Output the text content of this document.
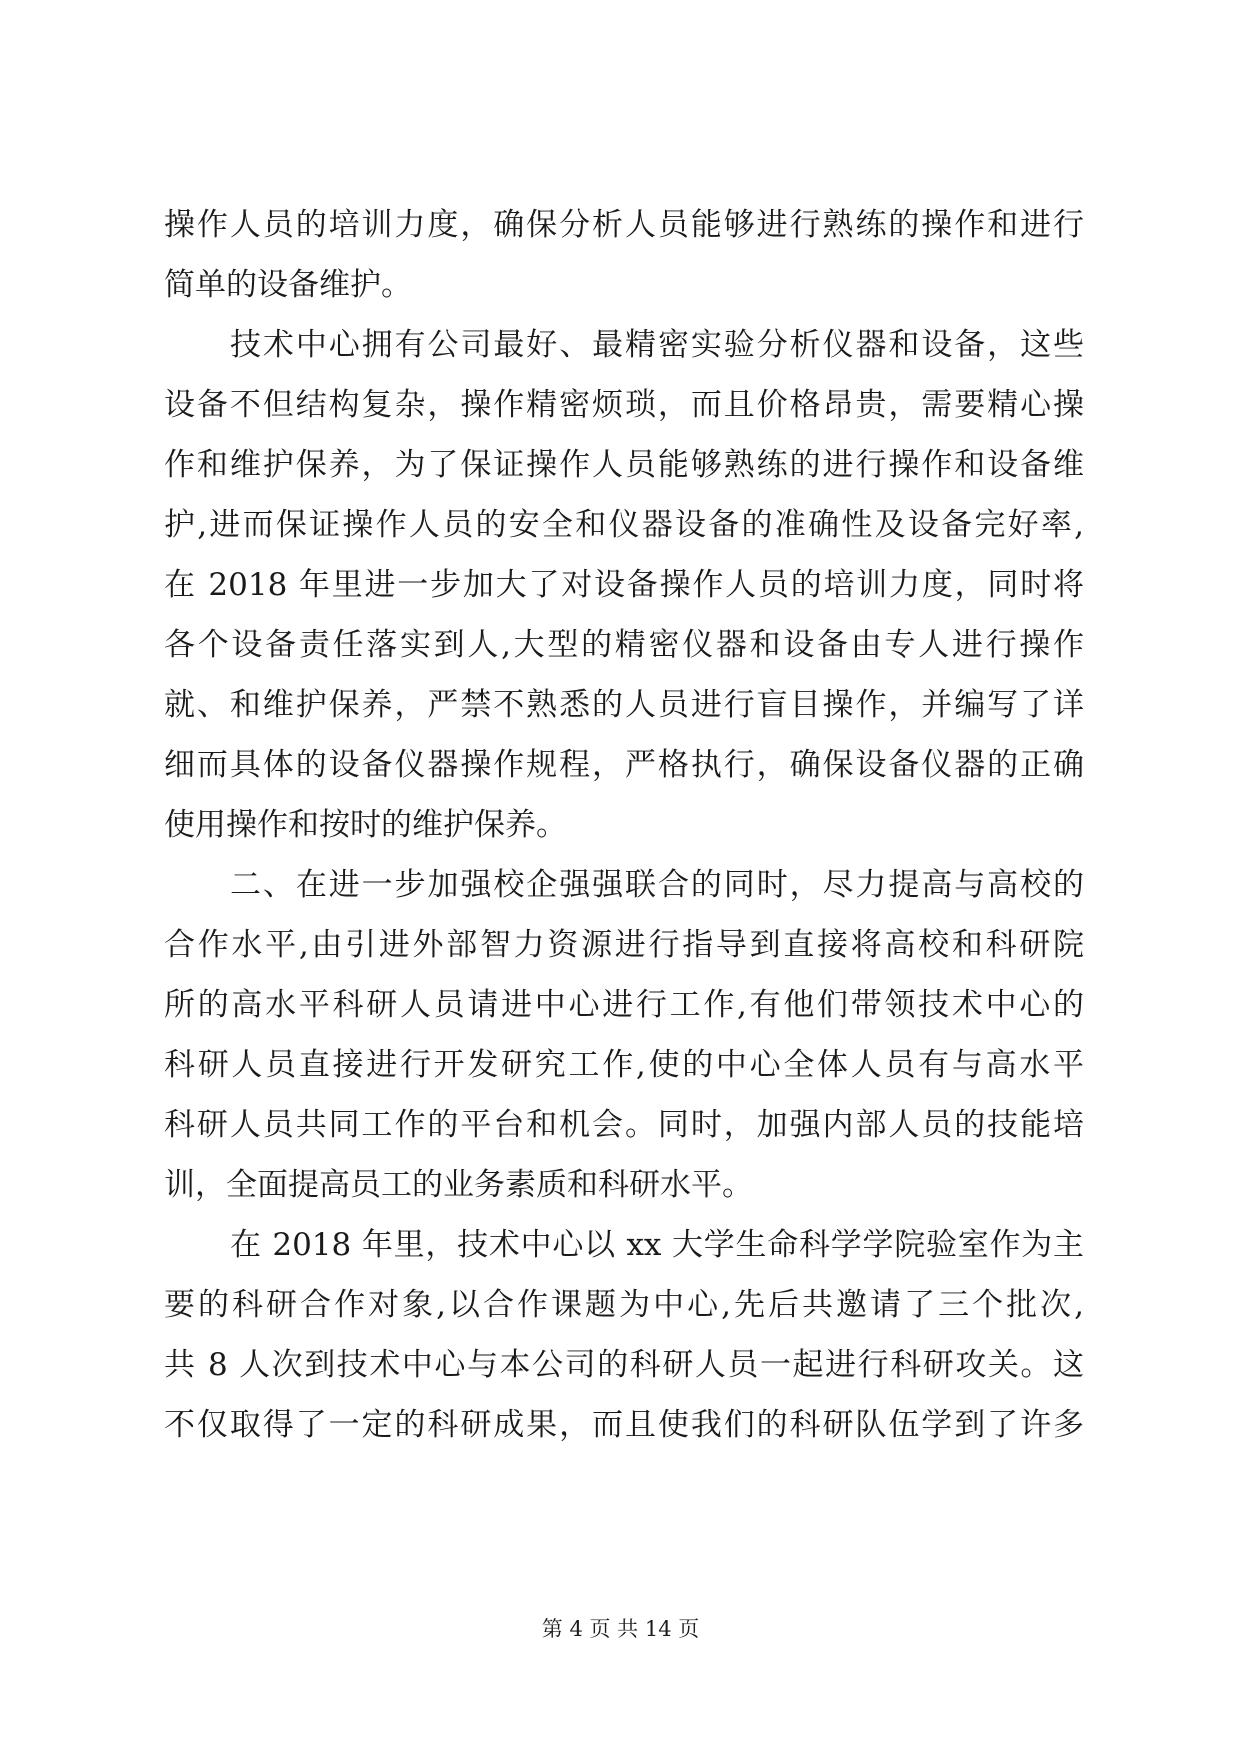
操作人员的培训力度，确保分析人员能够进行熟练的操作和进行
简单的设备维护。
技术中心拥有公司最好、最精密实验分析仪器和设备，这些
设备不但结构复杂，操作精密烦琐，而且价格昂贵，需要精心操
作和维护保养，为了保证操作人员能够熟练的进行操作和设备维
护,进而保证操作人员的安全和仪器设备的准确性及设备完好率,
在 2018 年里进一步加大了对设备操作人员的培训力度，同时将
各个设备责任落实到人,大型的精密仪器和设备由专人进行操作
就、和维护保养，严禁不熟悉的人员进行盲目操作，并编写了详
细而具体的设备仪器操作规程，严格执行，确保设备仪器的正确
使用操作和按时的维护保养。
二、在进一步加强校企强强联合的同时，尽力提高与高校的
合作水平,由引进外部智力资源进行指导到直接将高校和科研院
所的高水平科研人员请进中心进行工作,有他们带领技术中心的
科研人员直接进行开发研究工作,使的中心全体人员有与高水平
科研人员共同工作的平台和机会。同时，加强内部人员的技能培
训，全面提高员工的业务素质和科研水平。
在 2018 年里，技术中心以 xx 大学生命科学学院验室作为主
要的科研合作对象,以合作课题为中心,先后共邀请了三个批次,
共 8 人次到技术中心与本公司的科研人员一起进行科研攻关。这
不仅取得了一定的科研成果，而且使我们的科研队伍学到了许多
第 4 页 共 14 页
